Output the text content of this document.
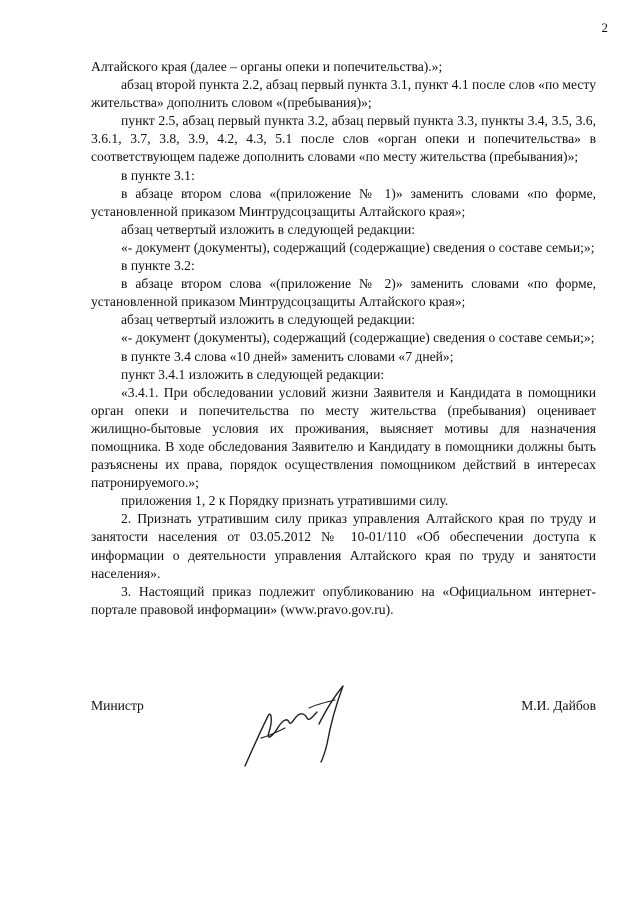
2

Алтайского края (далее – органы опеки и попечительства).»;

абзац второй пункта 2.2, абзац первый пункта 3.1, пункт 4.1 после слов «по месту жительства» дополнить словом «(пребывания)»;

пункт 2.5, абзац первый пункта 3.2, абзац первый пункта 3.3, пункты 3.4, 3.5, 3.6, 3.6.1, 3.7, 3.8, 3.9, 4.2, 4.3, 5.1 после слов «орган опеки и попечительства» в соответствующем падеже дополнить словами «по месту жительства (пребывания)»;

в пункте 3.1:

в абзаце втором слова «(приложение № 1)» заменить словами «по форме, установленной приказом Минтрудсоцзащиты Алтайского края»;

абзац четвертый изложить в следующей редакции:

«- документ (документы), содержащий (содержащие) сведения о составе семьи;»;

в пункте 3.2:

в абзаце втором слова «(приложение № 2)» заменить словами «по форме, установленной приказом Минтрудсоцзащиты Алтайского края»;

абзац четвертый изложить в следующей редакции:

«- документ (документы), содержащий (содержащие) сведения о составе семьи;»;

в пункте 3.4 слова «10 дней» заменить словами «7 дней»;

пункт 3.4.1 изложить в следующей редакции:

«3.4.1. При обследовании условий жизни Заявителя и Кандидата в помощники орган опеки и попечительства по месту жительства (пребывания) оценивает жилищно-бытовые условия их проживания, выясняет мотивы для назначения помощника. В ходе обследования Заявителю и Кандидату в помощники должны быть разъяснены их права, порядок осуществления помощником действий в интересах патронируемого.»;

приложения 1, 2 к Порядку признать утратившими силу.

2. Признать утратившим силу приказ управления Алтайского края по труду и занятости населения от 03.05.2012 № 10-01/110 «Об обеспечении доступа к информации о деятельности управления Алтайского края по труду и занятости населения».

3. Настоящий приказ подлежит опубликованию на «Официальном интернет-портале правовой информации» (www.pravo.gov.ru).

Министр	М.И. Дайбов
